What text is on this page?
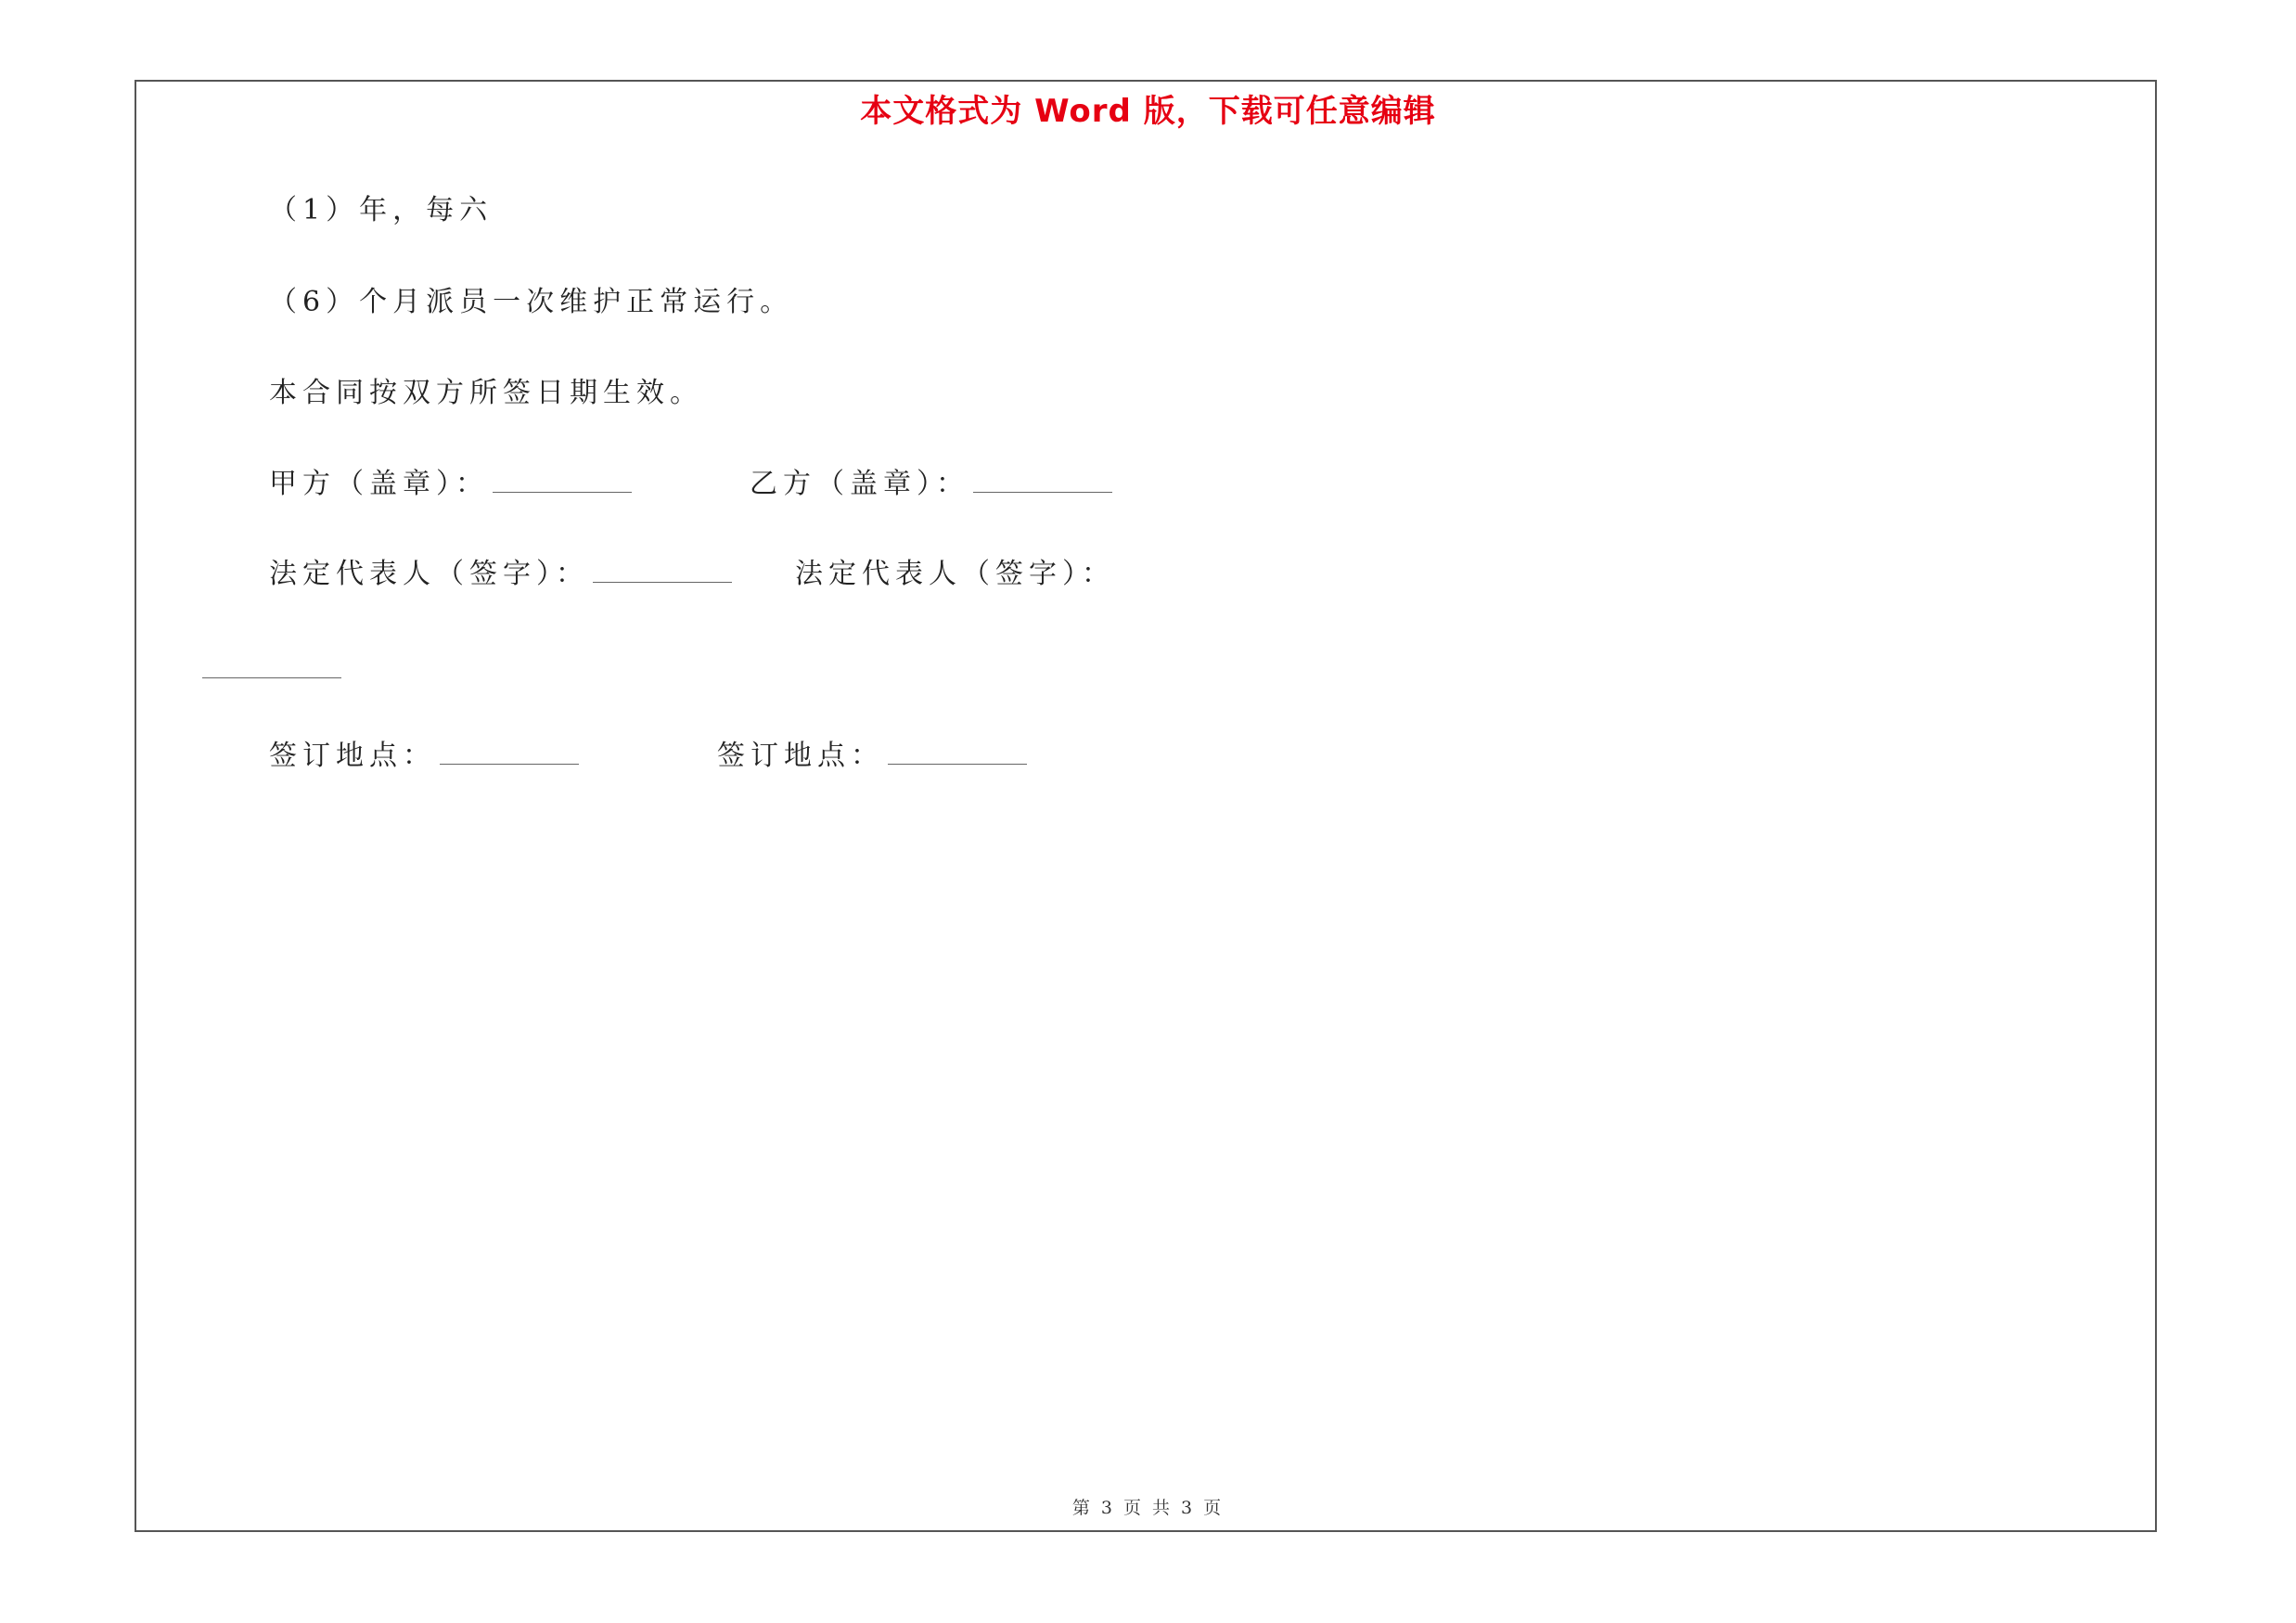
本文格式为 Word 版，下载可任意编辑
（1）年，每六
（6）个月派员一次维护正常运行。
本合同按双方所签日期生效。
甲方（盖章）：	乙方（盖章）：
法定代表人（签字）：	法定代表人（签字）：
签订地点：	签订地点：
第 3 页 共 3 页
